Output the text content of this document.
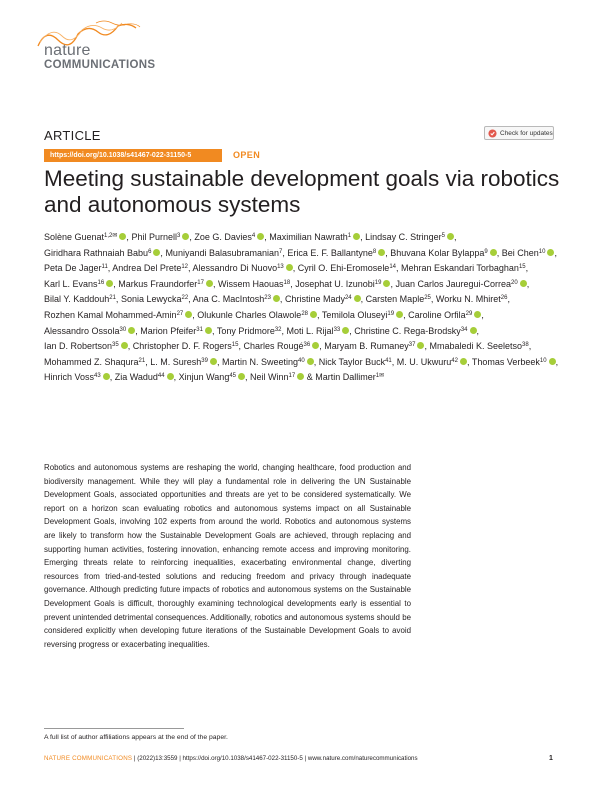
nature
COMMUNICATIONS
ARTICLE	Check for updates
https://doi.org/10.1038/s41467-022-31150-5	OPEN
Meeting sustainable development goals via robotics and autonomous systems
Solène Guenat$^{1,2✉}$ , Phil Purnell$^3$ , Zoe G. Davies$^4$ , Maximilian Nawrath$^1$ , Lindsay C. Stringer$^5$ , Giridhara Rathnaiah Babu$^6$ , Muniyandi Balasubramanian$^7$, Erica E. F. Ballantyne$^8$ , Bhuvana Kolar Bylappa$^9$ , Bei Chen$^{10}$ , Peta De Jager$^{11}$, Andrea Del Prete$^{12}$, Alessandro Di Nuovo$^{13}$ , Cyril O. Ehi-Eromosele$^{14}$, Mehran Eskandari Torbaghan$^{15}$, Karl L. Evans$^{16}$ , Markus Fraundorfer$^{17}$ , Wissem Haouas$^{18}$, Josephat U. Izunobi$^{19}$ , Juan Carlos Jauregui-Correa$^{20}$ , Bilal Y. Kaddouh$^{21}$, Sonia Lewycka$^{22}$, Ana C. MacIntosh$^{23}$ , Christine Mady$^{24}$ , Carsten Maple$^{25}$, Worku N. Mhiret$^{26}$, Rozhen Kamal Mohammed-Amin$^{27}$ , Olukunle Charles Olawole$^{28}$ , Temilola Oluseyi$^{19}$ , Caroline Orfila$^{29}$ , Alessandro Ossola$^{30}$ , Marion Pfeifer$^{31}$ , Tony Pridmore$^{32}$, Moti L. Rijal$^{33}$ , Christine C. Rega-Brodsky$^{34}$ , Ian D. Robertson$^{35}$ , Christopher D. F. Rogers$^{15}$, Charles Rougé$^{36}$ , Maryam B. Rumaney$^{37}$ , Mmabaledi K. Seeletso$^{38}$, Mohammed Z. Shaqura$^{21}$, L. M. Suresh$^{39}$ , Martin N. Sweeting$^{40}$ , Nick Taylor Buck$^{41}$, M. U. Ukwuru$^{42}$ , Thomas Verbeek$^{10}$ , Hinrich Voss$^{43}$ , Zia Wadud$^{44}$ , Xinjun Wang$^{45}$ , Neil Winn$^{17}$ & Martin Dallimer$^{1✉}$

Robotics and autonomous systems are reshaping the world, changing healthcare, food production and biodiversity management. While they will play a fundamental role in delivering the UN Sustainable Development Goals, associated opportunities and threats are yet to be considered systematically. We report on a horizon scan evaluating robotics and autonomous systems impact on all Sustainable Development Goals, involving 102 experts from around the world. Robotics and autonomous systems are likely to transform how the Sustainable Development Goals are achieved, through replacing and supporting human activities, fostering innovation, enhancing remote access and improving monitoring. Emerging threats relate to reinforcing inequalities, exacerbating environmental change, diverting resources from tried-and-tested solutions and reducing freedom and privacy through inadequate governance. Although predicting future impacts of robotics and autonomous systems on the Sustainable Development Goals is difficult, thoroughly examining technological developments early is essential to prevent unintended detrimental consequences. Additionally, robotics and autonomous systems should be considered explicitly when developing future iterations of the Sustainable Development Goals to avoid reversing progress or exacerbating inequalities.

A full list of author affiliations appears at the end of the paper.
NATURE COMMUNICATIONS | (2022)13:3559 | https://doi.org/10.1038/s41467-022-31150-5 | www.nature.com/naturecommunications	1
